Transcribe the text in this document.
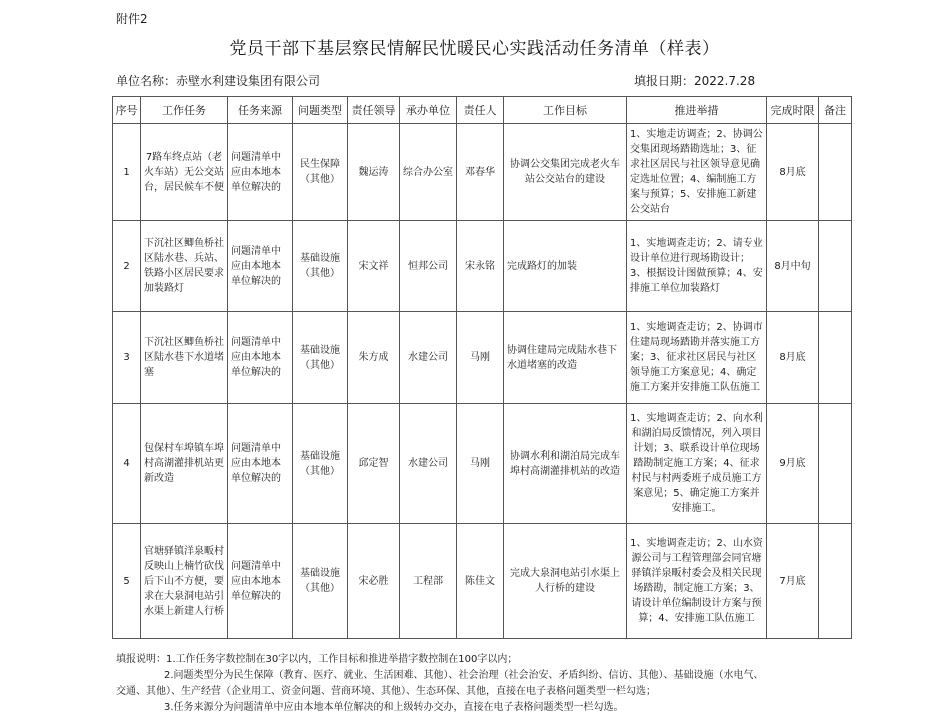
附件2
党员干部下基层察民情解民忧暖民心实践活动任务清单（样表）
单位名称：赤壁水利建设集团有限公司	填报日期：2022.7.28
序号	工作任务	任务来源	问题类型	责任领导	承办单位	责任人	工作目标	推进举措	完成时限	备注
1	7路车终点站（老火车站）无公交站台，居民候车不便	问题清单中应由本地本单位解决的	民生保障（其他）	魏运涛	综合办公室	邓春华	协调公交集团完成老火车站公交站台的建设	1、实地走访调查；2、协调公交集团现场踏勘选址；3、征求社区居民与社区领导意见确定选址位置；4、编制施工方案与预算；5、安排施工新建公交站台	8月底	
2	下沉社区鲫鱼桥社区陆水巷、兵站、铁路小区居民要求加装路灯	问题清单中应由本地本单位解决的	基础设施（其他）	宋文祥	恒邦公司	宋永铭	完成路灯的加装	1、实地调查走访；2、请专业设计单位进行现场勘设计；3、根据设计图做预算；4、安排施工单位加装路灯	8月中旬	
3	下沉社区鲫鱼桥社区陆水巷下水道堵塞	问题清单中应由本地本单位解决的	基础设施（其他）	朱方成	水建公司	马刚	协调住建局完成陆水巷下水道堵塞的改造	1、实地调查走访；2、协调市住建局现场踏勘并落实施工方案；3、征求社区居民与社区领导施工方案意见；4、确定施工方案并安排施工队伍施工	8月底	
4	包保村车埠镇车埠村高湖灌排机站更新改造	问题清单中应由本地本单位解决的	基础设施（其他）	邱定智	水建公司	马刚	协调水利和湖泊局完成车埠村高湖灌排机站的改造	1、实地调查走访；2、向水利和湖泊局反馈情况，列入项目计划；3、联系设计单位现场踏勘制定施工方案；4、征求村民与村两委班子成员施工方案意见；5、确定施工方案并安排施工。	9月底	
5	官塘驿镇洋泉畈村反映山上楠竹砍伐后下山不方便，要求在大泉洞电站引水渠上新建人行桥	问题清单中应由本地本单位解决的	基础设施（其他）	宋必胜	工程部	陈佳文	完成大泉洞电站引水渠上人行桥的建设	1、实地调查走访；2、山水资源公司与工程管理部会同官塘驿镇洋泉畈村委会及相关民现场踏勘，制定施工方案；3、请设计单位编制设计方案与预算；4、安排施工队伍施工	7月底	
填报说明：1.工作任务字数控制在30字以内，工作目标和推进举措字数控制在100字以内；
2.问题类型分为民生保障（教育、医疗、就业、生活困难、其他）、社会治理（社会治安、矛盾纠纷、信访、其他）、基础设施（水电气、
交通、其他）、生产经营（企业用工、资金问题、营商环境、其他）、生态环保、其他，直接在电子表格问题类型一栏勾选；
3.任务来源分为问题清单中应由本地本单位解决的和上级转办交办，直接在电子表格问题类型一栏勾选。
